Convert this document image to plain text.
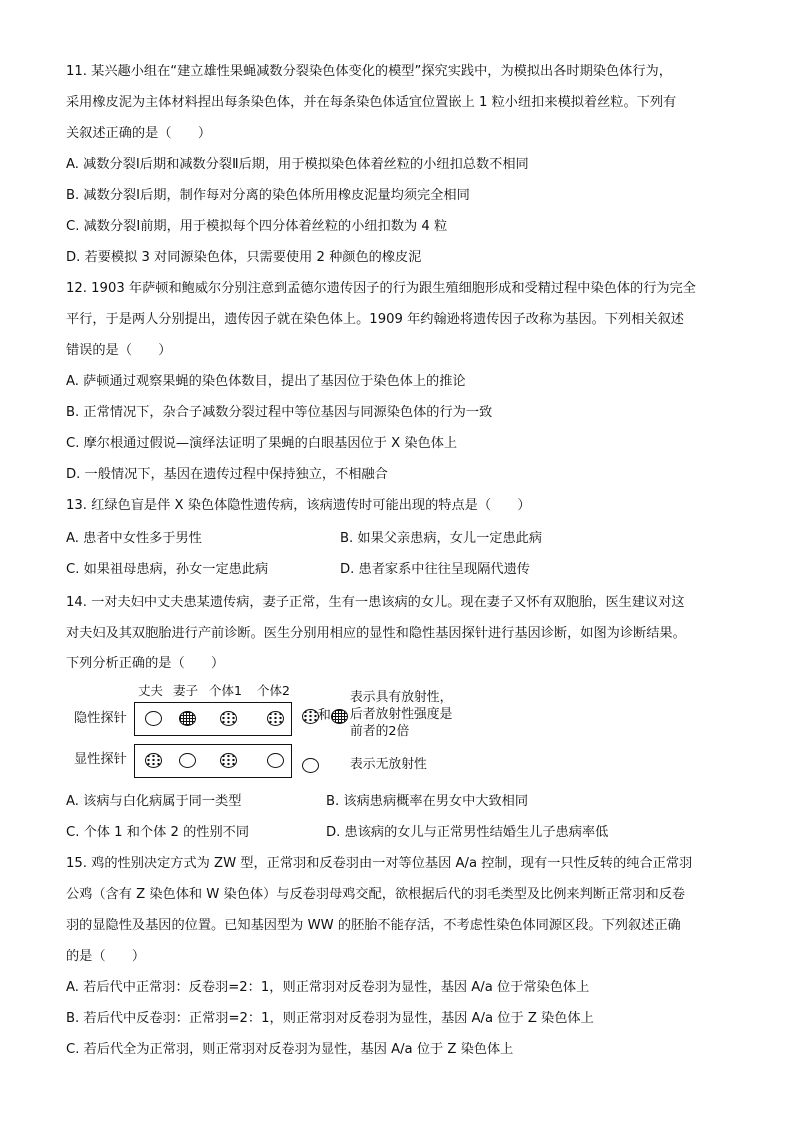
11. 某兴趣小组在“建立雄性果蝇减数分裂染色体变化的模型”探究实践中，为模拟出各时期染色体行为，
采用橡皮泥为主体材料捏出每条染色体，并在每条染色体适宜位置嵌上 1 粒小纽扣来模拟着丝粒。下列有
关叙述正确的是（　　）
A. 减数分裂Ⅰ后期和减数分裂Ⅱ后期，用于模拟染色体着丝粒的小纽扣总数不相同
B. 减数分裂Ⅰ后期，制作每对分离的染色体所用橡皮泥量均须完全相同
C. 减数分裂Ⅰ前期，用于模拟每个四分体着丝粒的小纽扣数为 4 粒
D. 若要模拟 3 对同源染色体，只需要使用 2 种颜色的橡皮泥
12. 1903 年萨顿和鲍威尔分别注意到孟德尔遗传因子的行为跟生殖细胞形成和受精过程中染色体的行为完全
平行，于是两人分别提出，遗传因子就在染色体上。1909 年约翰逊将遗传因子改称为基因。下列相关叙述
错误的是（　　）
A. 萨顿通过观察果蝇的染色体数目，提出了基因位于染色体上的推论
B. 正常情况下，杂合子减数分裂过程中等位基因与同源染色体的行为一致
C. 摩尔根通过假说—演绎法证明了果蝇的白眼基因位于 X 染色体上
D. 一般情况下，基因在遗传过程中保持独立，不相融合
13. 红绿色盲是伴 X 染色体隐性遗传病，该病遗传时可能出现的特点是（　　）
A. 患者中女性多于男性	B. 如果父亲患病，女儿一定患此病
C. 如果祖母患病，孙女一定患此病	D. 患者家系中往往呈现隔代遗传
14. 一对夫妇中丈夫患某遗传病，妻子正常，生有一患该病的女儿。现在妻子又怀有双胞胎，医生建议对这
对夫妇及其双胞胎进行产前诊断。医生分别用相应的显性和隐性基因探针进行基因诊断，如图为诊断结果。
下列分析正确的是（　　）
丈夫 妻子 个体1 个体2
隐性探针
显性探针
和
表示具有放射性，
后者放射性强度是
前者的2倍
表示无放射性
A. 该病与白化病属于同一类型	B. 该病患病概率在男女中大致相同
C. 个体 1 和个体 2 的性别不同	D. 患该病的女儿与正常男性结婚生儿子患病率低
15. 鸡的性别决定方式为 ZW 型，正常羽和反卷羽由一对等位基因 A/a 控制，现有一只性反转的纯合正常羽
公鸡（含有 Z 染色体和 W 染色体）与反卷羽母鸡交配，欲根据后代的羽毛类型及比例来判断正常羽和反卷
羽的显隐性及基因的位置。已知基因型为 WW 的胚胎不能存活，不考虑性染色体同源区段。下列叙述正确
的是（　　）
A. 若后代中正常羽：反卷羽=2：1，则正常羽对反卷羽为显性，基因 A/a 位于常染色体上
B. 若后代中反卷羽：正常羽=2：1，则正常羽对反卷羽为显性，基因 A/a 位于 Z 染色体上
C. 若后代全为正常羽，则正常羽对反卷羽为显性，基因 A/a 位于 Z 染色体上
